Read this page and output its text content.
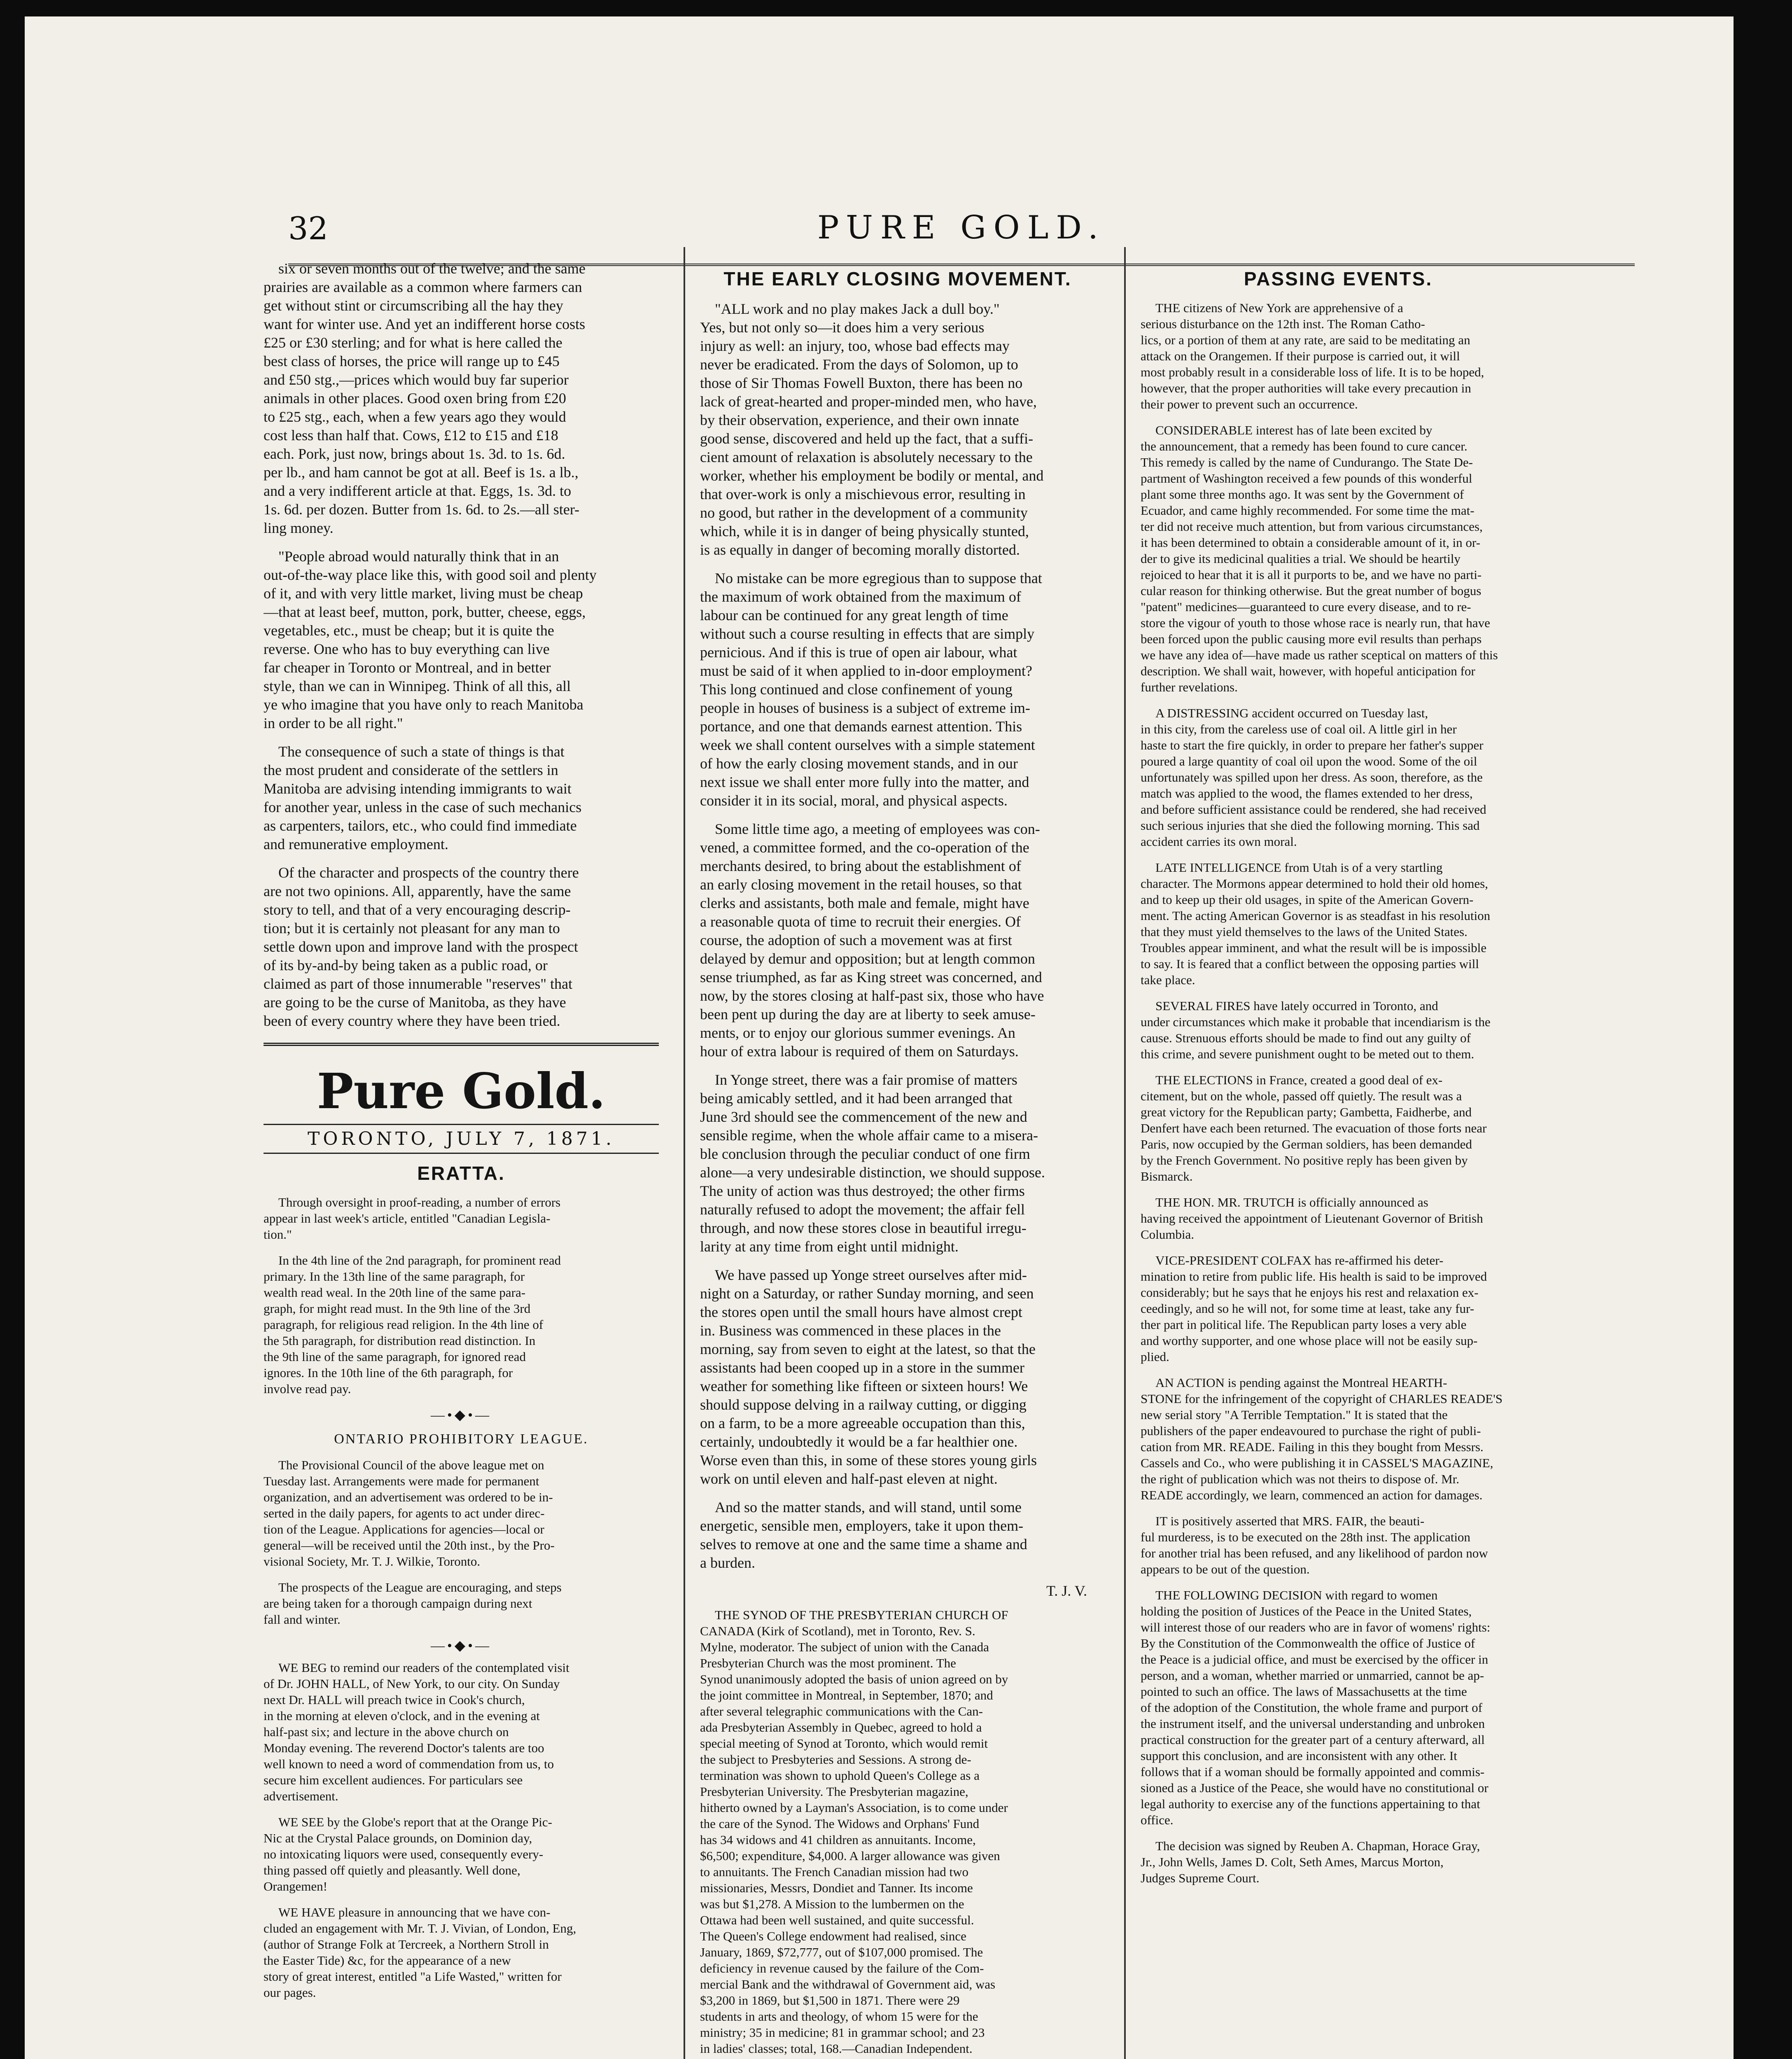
32	PURE GOLD.
six or seven months out of the twelve; and the same
prairies are available as a common where farmers can
get without stint or circumscribing all the hay they
want for winter use. And yet an indifferent horse costs
£25 or £30 sterling; and for what is here called the
best class of horses, the price will range up to £45
and £50 stg.,—prices which would buy far superior
animals in other places. Good oxen bring from £20
to £25 stg., each, when a few years ago they would
cost less than half that. Cows, £12 to £15 and £18
each. Pork, just now, brings about 1s. 3d. to 1s. 6d.
per lb., and ham cannot be got at all. Beef is 1s. a lb.,
and a very indifferent article at that. Eggs, 1s. 3d. to
1s. 6d. per dozen. Butter from 1s. 6d. to 2s.—all ster-
ling money.
"People abroad would naturally think that in an
out-of-the-way place like this, with good soil and plenty
of it, and with very little market, living must be cheap
—that at least beef, mutton, pork, butter, cheese, eggs,
vegetables, etc., must be cheap; but it is quite the
reverse. One who has to buy everything can live
far cheaper in Toronto or Montreal, and in better
style, than we can in Winnipeg. Think of all this, all
ye who imagine that you have only to reach Manitoba
in order to be all right."
The consequence of such a state of things is that
the most prudent and considerate of the settlers in
Manitoba are advising intending immigrants to wait
for another year, unless in the case of such mechanics
as carpenters, tailors, etc., who could find immediate
and remunerative employment.
Of the character and prospects of the country there
are not two opinions. All, apparently, have the same
story to tell, and that of a very encouraging descrip-
tion; but it is certainly not pleasant for any man to
settle down upon and improve land with the prospect
of its by-and-by being taken as a public road, or
claimed as part of those innumerable "reserves" that
are going to be the curse of Manitoba, as they have
been of every country where they have been tried.
Pure Gold.
TORONTO, JULY 7, 1871.
ERATTA.
Through oversight in proof-reading, a number of errors
appear in last week's article, entitled "Canadian Legisla-
tion."
In the 4th line of the 2nd paragraph, for prominent read
primary. In the 13th line of the same paragraph, for
wealth read weal. In the 20th line of the same para-
graph, for might read must. In the 9th line of the 3rd
paragraph, for religious read religion. In the 4th line of
the 5th paragraph, for distribution read distinction. In
the 9th line of the same paragraph, for ignored read
ignores. In the 10th line of the 6th paragraph, for
involve read pay.
—•◆•—
ONTARIO PROHIBITORY LEAGUE.
The Provisional Council of the above league met on
Tuesday last. Arrangements were made for permanent
organization, and an advertisement was ordered to be in-
serted in the daily papers, for agents to act under direc-
tion of the League. Applications for agencies—local or
general—will be received until the 20th inst., by the Pro-
visional Society, Mr. T. J. Wilkie, Toronto.
The prospects of the League are encouraging, and steps
are being taken for a thorough campaign during next
fall and winter.
—•◆•—
WE BEG to remind our readers of the contemplated visit
of Dr. JOHN HALL, of New York, to our city. On Sunday
next Dr. HALL will preach twice in Cook's church,
in the morning at eleven o'clock, and in the evening at
half-past six; and lecture in the above church on
Monday evening. The reverend Doctor's talents are too
well known to need a word of commendation from us, to
secure him excellent audiences. For particulars see
advertisement.
WE SEE by the Globe's report that at the Orange Pic-
Nic at the Crystal Palace grounds, on Dominion day,
no intoxicating liquors were used, consequently every-
thing passed off quietly and pleasantly. Well done,
Orangemen!
WE HAVE pleasure in announcing that we have con-
cluded an engagement with Mr. T. J. Vivian, of London, Eng,
(author of Strange Folk at Tercreek, a Northern Stroll in
the Easter Tide) &c, for the appearance of a new
story of great interest, entitled "a Life Wasted," written for
our pages.
THE EARLY CLOSING MOVEMENT.
"ALL work and no play makes Jack a dull boy."
Yes, but not only so—it does him a very serious
injury as well: an injury, too, whose bad effects may
never be eradicated. From the days of Solomon, up to
those of Sir Thomas Fowell Buxton, there has been no
lack of great-hearted and proper-minded men, who have,
by their observation, experience, and their own innate
good sense, discovered and held up the fact, that a suffi-
cient amount of relaxation is absolutely necessary to the
worker, whether his employment be bodily or mental, and
that over-work is only a mischievous error, resulting in
no good, but rather in the development of a community
which, while it is in danger of being physically stunted,
is as equally in danger of becoming morally distorted.
No mistake can be more egregious than to suppose that
the maximum of work obtained from the maximum of
labour can be continued for any great length of time
without such a course resulting in effects that are simply
pernicious. And if this is true of open air labour, what
must be said of it when applied to in-door employment?
This long continued and close confinement of young
people in houses of business is a subject of extreme im-
portance, and one that demands earnest attention. This
week we shall content ourselves with a simple statement
of how the early closing movement stands, and in our
next issue we shall enter more fully into the matter, and
consider it in its social, moral, and physical aspects.
Some little time ago, a meeting of employees was con-
vened, a committee formed, and the co-operation of the
merchants desired, to bring about the establishment of
an early closing movement in the retail houses, so that
clerks and assistants, both male and female, might have
a reasonable quota of time to recruit their energies. Of
course, the adoption of such a movement was at first
delayed by demur and opposition; but at length common
sense triumphed, as far as King street was concerned, and
now, by the stores closing at half-past six, those who have
been pent up during the day are at liberty to seek amuse-
ments, or to enjoy our glorious summer evenings. An
hour of extra labour is required of them on Saturdays.
In Yonge street, there was a fair promise of matters
being amicably settled, and it had been arranged that
June 3rd should see the commencement of the new and
sensible regime, when the whole affair came to a misera-
ble conclusion through the peculiar conduct of one firm
alone—a very undesirable distinction, we should suppose.
The unity of action was thus destroyed; the other firms
naturally refused to adopt the movement; the affair fell
through, and now these stores close in beautiful irregu-
larity at any time from eight until midnight.
We have passed up Yonge street ourselves after mid-
night on a Saturday, or rather Sunday morning, and seen
the stores open until the small hours have almost crept
in. Business was commenced in these places in the
morning, say from seven to eight at the latest, so that the
assistants had been cooped up in a store in the summer
weather for something like fifteen or sixteen hours! We
should suppose delving in a railway cutting, or digging
on a farm, to be a more agreeable occupation than this,
certainly, undoubtedly it would be a far healthier one.
Worse even than this, in some of these stores young girls
work on until eleven and half-past eleven at night.
And so the matter stands, and will stand, until some
energetic, sensible men, employers, take it upon them-
selves to remove at one and the same time a shame and
a burden.
T. J. V.
THE SYNOD OF THE PRESBYTERIAN CHURCH OF
CANADA (Kirk of Scotland), met in Toronto, Rev. S.
Mylne, moderator. The subject of union with the Canada
Presbyterian Church was the most prominent. The
Synod unanimously adopted the basis of union agreed on by
the joint committee in Montreal, in September, 1870; and
after several telegraphic communications with the Can-
ada Presbyterian Assembly in Quebec, agreed to hold a
special meeting of Synod at Toronto, which would remit
the subject to Presbyteries and Sessions. A strong de-
termination was shown to uphold Queen's College as a
Presbyterian University. The Presbyterian magazine,
hitherto owned by a Layman's Association, is to come under
the care of the Synod. The Widows and Orphans' Fund
has 34 widows and 41 children as annuitants. Income,
$6,500; expenditure, $4,000. A larger allowance was given
to annuitants. The French Canadian mission had two
missionaries, Messrs, Dondiet and Tanner. Its income
was but $1,278. A Mission to the lumbermen on the
Ottawa had been well sustained, and quite successful.
The Queen's College endowment had realised, since
January, 1869, $72,777, out of $107,000 promised. The
deficiency in revenue caused by the failure of the Com-
mercial Bank and the withdrawal of Government aid, was
$3,200 in 1869, but $1,500 in 1871. There were 29
students in arts and theology, of whom 15 were for the
ministry; 35 in medicine; 81 in grammar school; and 23
in ladies' classes; total, 168.—Canadian Independent.
PASSING EVENTS.
THE citizens of New York are apprehensive of a
serious disturbance on the 12th inst. The Roman Catho-
lics, or a portion of them at any rate, are said to be meditating an
attack on the Orangemen. If their purpose is carried out, it will
most probably result in a considerable loss of life. It is to be hoped,
however, that the proper authorities will take every precaution in
their power to prevent such an occurrence.
CONSIDERABLE interest has of late been excited by
the announcement, that a remedy has been found to cure cancer.
This remedy is called by the name of Cundurango. The State De-
partment of Washington received a few pounds of this wonderful
plant some three months ago. It was sent by the Government of
Ecuador, and came highly recommended. For some time the mat-
ter did not receive much attention, but from various circumstances,
it has been determined to obtain a considerable amount of it, in or-
der to give its medicinal qualities a trial. We should be heartily
rejoiced to hear that it is all it purports to be, and we have no parti-
cular reason for thinking otherwise. But the great number of bogus
"patent" medicines—guaranteed to cure every disease, and to re-
store the vigour of youth to those whose race is nearly run, that have
been forced upon the public causing more evil results than perhaps
we have any idea of—have made us rather sceptical on matters of this
description. We shall wait, however, with hopeful anticipation for
further revelations.
A DISTRESSING accident occurred on Tuesday last,
in this city, from the careless use of coal oil. A little girl in her
haste to start the fire quickly, in order to prepare her father's supper
poured a large quantity of coal oil upon the wood. Some of the oil
unfortunately was spilled upon her dress. As soon, therefore, as the
match was applied to the wood, the flames extended to her dress,
and before sufficient assistance could be rendered, she had received
such serious injuries that she died the following morning. This sad
accident carries its own moral.
LATE INTELLIGENCE from Utah is of a very startling
character. The Mormons appear determined to hold their old homes,
and to keep up their old usages, in spite of the American Govern-
ment. The acting American Governor is as steadfast in his resolution
that they must yield themselves to the laws of the United States.
Troubles appear imminent, and what the result will be is impossible
to say. It is feared that a conflict between the opposing parties will
take place.
SEVERAL FIRES have lately occurred in Toronto, and
under circumstances which make it probable that incendiarism is the
cause. Strenuous efforts should be made to find out any guilty of
this crime, and severe punishment ought to be meted out to them.
THE ELECTIONS in France, created a good deal of ex-
citement, but on the whole, passed off quietly. The result was a
great victory for the Republican party; Gambetta, Faidherbe, and
Denfert have each been returned. The evacuation of those forts near
Paris, now occupied by the German soldiers, has been demanded
by the French Government. No positive reply has been given by
Bismarck.
THE HON. MR. TRUTCH is officially announced as
having received the appointment of Lieutenant Governor of British
Columbia.
VICE-PRESIDENT COLFAX has re-affirmed his deter-
mination to retire from public life. His health is said to be improved
considerably; but he says that he enjoys his rest and relaxation ex-
ceedingly, and so he will not, for some time at least, take any fur-
ther part in political life. The Republican party loses a very able
and worthy supporter, and one whose place will not be easily sup-
plied.
AN ACTION is pending against the Montreal HEARTH-
STONE for the infringement of the copyright of CHARLES READE'S
new serial story "A Terrible Temptation." It is stated that the
publishers of the paper endeavoured to purchase the right of publi-
cation from MR. READE. Failing in this they bought from Messrs.
Cassels and Co., who were publishing it in CASSEL'S MAGAZINE,
the right of publication which was not theirs to dispose of. Mr.
READE accordingly, we learn, commenced an action for damages.
IT is positively asserted that MRS. FAIR, the beauti-
ful murderess, is to be executed on the 28th inst. The application
for another trial has been refused, and any likelihood of pardon now
appears to be out of the question.
THE FOLLOWING DECISION with regard to women
holding the position of Justices of the Peace in the United States,
will interest those of our readers who are in favor of womens' rights:
By the Constitution of the Commonwealth the office of Justice of
the Peace is a judicial office, and must be exercised by the officer in
person, and a woman, whether married or unmarried, cannot be ap-
pointed to such an office. The laws of Massachusetts at the time
of the adoption of the Constitution, the whole frame and purport of
the instrument itself, and the universal understanding and unbroken
practical construction for the greater part of a century afterward, all
support this conclusion, and are inconsistent with any other. It
follows that if a woman should be formally appointed and commis-
sioned as a Justice of the Peace, she would have no constitutional or
legal authority to exercise any of the functions appertaining to that
office.
The decision was signed by Reuben A. Chapman, Horace Gray,
Jr., John Wells, James D. Colt, Seth Ames, Marcus Morton,
Judges Supreme Court.
